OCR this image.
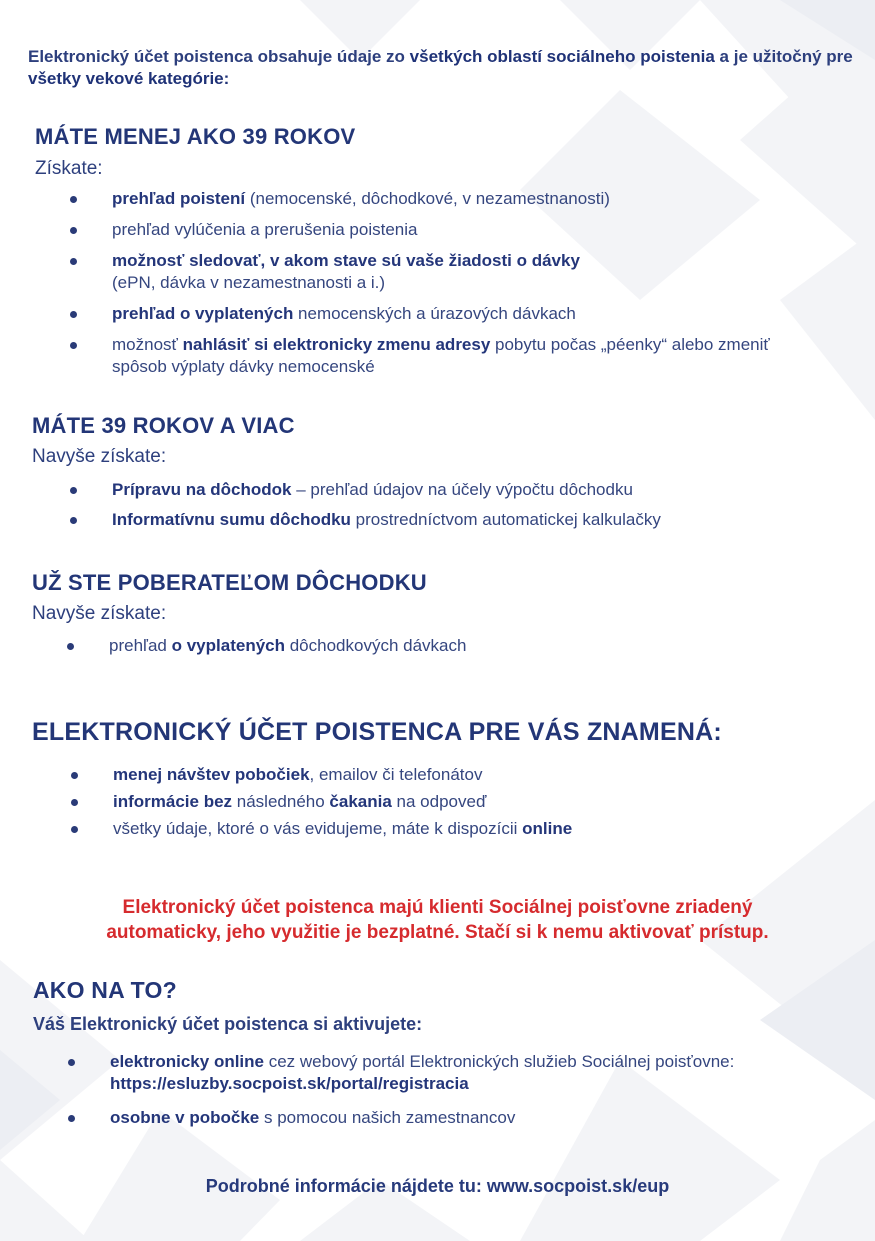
Elektronický účet poistenca obsahuje údaje zo všetkých oblastí sociálneho poistenia a je užitočný pre všetky vekové kategórie:
MÁTE MENEJ AKO 39 ROKOV
Získate:
prehľad poistení (nemocenské, dôchodkové, v nezamestnanosti)
prehľad vylúčenia a prerušenia poistenia
možnosť sledovať, v akom stave sú vaše žiadosti o dávky
(ePN, dávka v nezamestnanosti a i.)
prehľad o vyplatených nemocenských a úrazových dávkach
možnosť nahlásiť si elektronicky zmenu adresy pobytu počas „péenky“ alebo zmeniť spôsob výplaty dávky nemocenské
MÁTE 39 ROKOV A VIAC
Navyše získate:
Prípravu na dôchodok – prehľad údajov na účely výpočtu dôchodku
Informatívnu sumu dôchodku prostredníctvom automatickej kalkulačky
UŽ STE POBERATEĽOM DÔCHODKU
Navyše získate:
prehľad o vyplatených dôchodkových dávkach
ELEKTRONICKÝ ÚČET POISTENCA PRE VÁS ZNAMENÁ:
menej návštev pobočiek, emailov či telefonátov
informácie bez následného čakania na odpoveď
všetky údaje, ktoré o vás evidujeme, máte k dispozícii online
Elektronický účet poistenca majú klienti Sociálnej poisťovne zriadený
automaticky, jeho využitie je bezplatné. Stačí si k nemu aktivovať prístup.
AKO NA TO?
Váš Elektronický účet poistenca si aktivujete:
elektronicky online cez webový portál Elektronických služieb Sociálnej poisťovne: https://esluzby.socpoist.sk/portal/registracia
osobne v pobočke s pomocou našich zamestnancov
Podrobné informácie nájdete tu: www.socpoist.sk/eup
